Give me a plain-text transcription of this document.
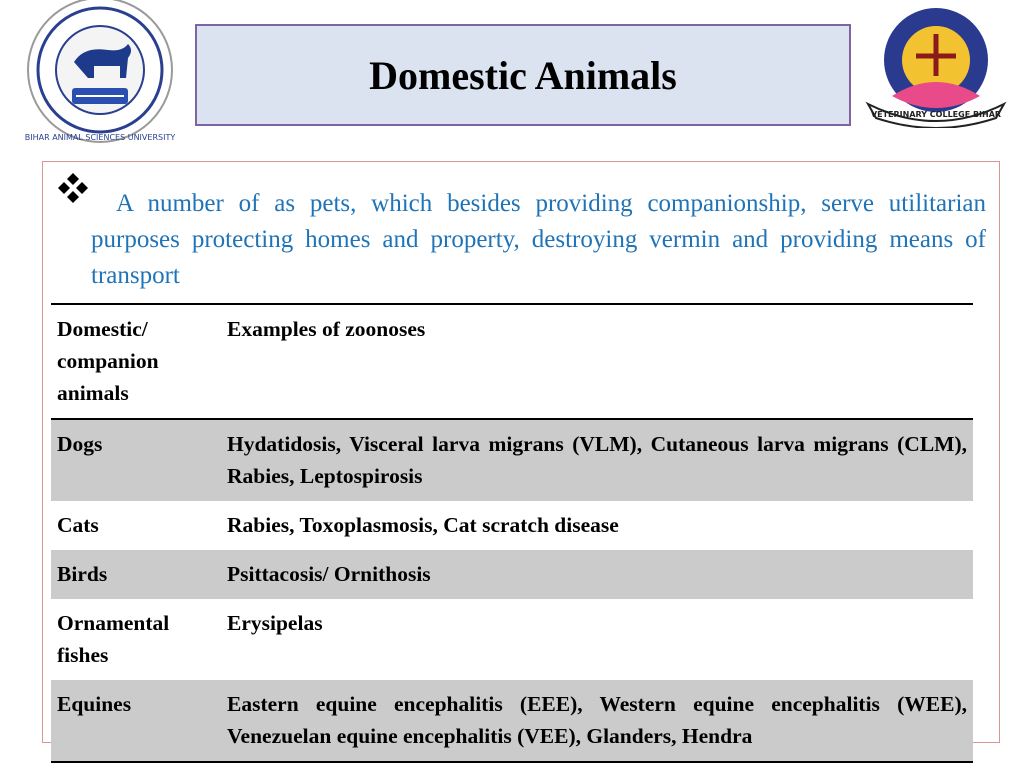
BIHAR ANIMAL SCIENCES UNIVERSITY
Domestic Animals
VETERINARY COLLEGE BIHAR
A number of as pets, which besides providing companionship, serve utilitarian purposes protecting homes and property, destroying vermin and providing means of transport
Domestic/ companion animals	Examples of zoonoses
Dogs	Hydatidosis, Visceral larva migrans (VLM), Cutaneous larva migrans (CLM), Rabies, Leptospirosis
Cats	Rabies, Toxoplasmosis, Cat scratch disease
Birds	Psittacosis/ Ornithosis
Ornamental fishes	Erysipelas
Equines	Eastern equine encephalitis (EEE), Western equine encephalitis (WEE), Venezuelan equine encephalitis (VEE), Glanders, Hendra
